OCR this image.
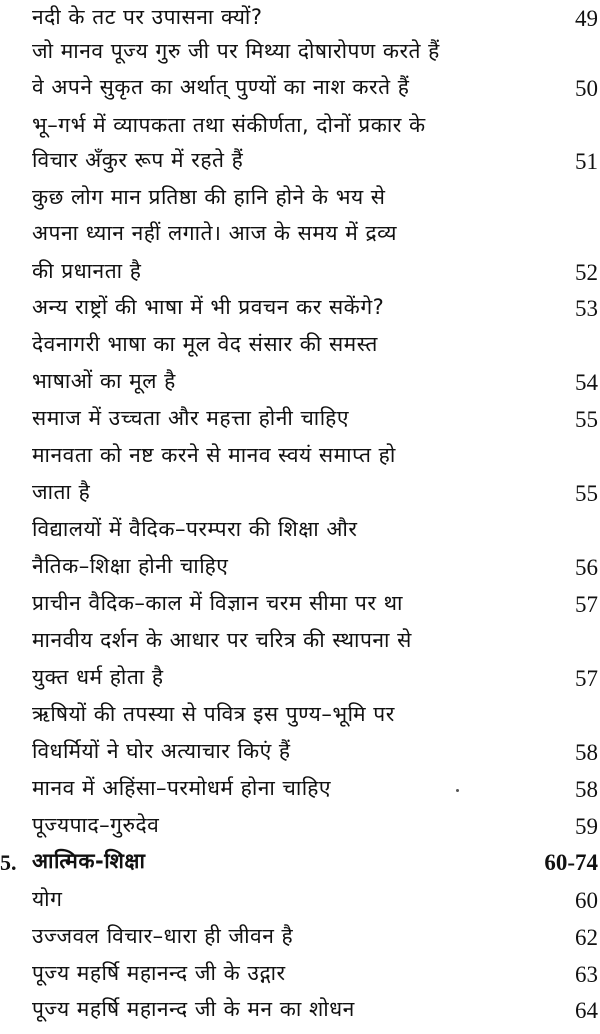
नदी के तट पर उपासना क्यों?	49
जो मानव पूज्य गुरु जी पर मिथ्या दोषारोपण करते हैं
वे अपने सुकृत का अर्थात् पुण्यों का नाश करते हैं	50
भू–गर्भ में व्यापकता तथा संकीर्णता, दोनों प्रकार के
विचार अँकुर रूप में रहते हैं	51
कुछ लोग मान प्रतिष्ठा की हानि होने के भय से
अपना ध्यान नहीं लगाते। आज के समय में द्रव्य
की प्रधानता है	52
अन्य राष्ट्रों की भाषा में भी प्रवचन कर सकेंगे?	53
देवनागरी भाषा का मूल वेद संसार की समस्त
भाषाओं का मूल है	54
समाज में उच्चता और महत्ता होनी चाहिए	55
मानवता को नष्ट करने से मानव स्वयं समाप्त हो
जाता है	55
विद्यालयों में वैदिक–परम्परा की शिक्षा और
नैतिक–शिक्षा होनी चाहिए	56
प्राचीन वैदिक–काल में विज्ञान चरम सीमा पर था	57
मानवीय दर्शन के आधार पर चरित्र की स्थापना से
युक्त धर्म होता है	57
ऋषियों की तपस्या से पवित्र इस पुण्य–भूमि पर
विधर्मियों ने घोर अत्याचार किएं हैं	58
मानव में अहिंसा–परमोधर्म होना चाहिए	58
पूज्यपाद–गुरुदेव	59
5. आत्मिक-शिक्षा	60-74
योग	60
उज्जवल विचार–धारा ही जीवन है	62
पूज्य महर्षि महानन्द जी के उद्गार	63
पूज्य महर्षि महानन्द जी के मन का शोधन	64
